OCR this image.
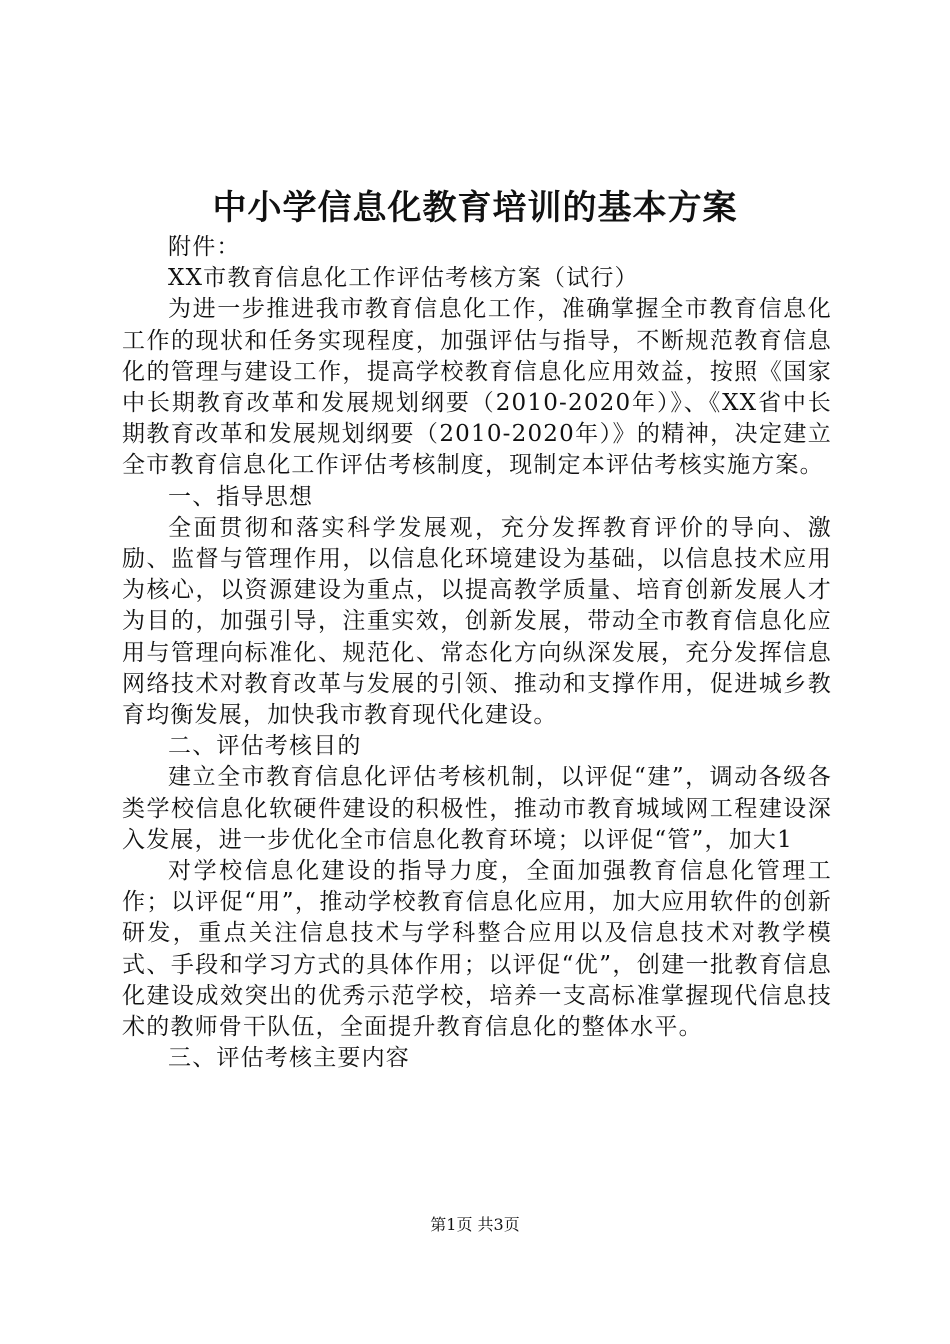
中小学信息化教育培训的基本方案

附件：

XX市教育信息化工作评估考核方案（试行）

为进一步推进我市教育信息化工作，准确掌握全市教育信息化工作的现状和任务实现程度，加强评估与指导，不断规范教育信息化的管理与建设工作，提高学校教育信息化应用效益，按照《国家中长期教育改革和发展规划纲要（2010-2020年）》、《XX省中长期教育改革和发展规划纲要（2010-2020年）》的精神，决定建立全市教育信息化工作评估考核制度，现制定本评估考核实施方案。

一、指导思想

全面贯彻和落实科学发展观，充分发挥教育评价的导向、激励、监督与管理作用，以信息化环境建设为基础，以信息技术应用为核心，以资源建设为重点，以提高教学质量、培育创新发展人才为目的，加强引导，注重实效，创新发展，带动全市教育信息化应用与管理向标准化、规范化、常态化方向纵深发展，充分发挥信息网络技术对教育改革与发展的引领、推动和支撑作用，促进城乡教育均衡发展，加快我市教育现代化建设。

二、评估考核目的

建立全市教育信息化评估考核机制，以评促“建”，调动各级各类学校信息化软硬件建设的积极性，推动市教育城域网工程建设深入发展，进一步优化全市信息化教育环境；以评促“管”，加大1

对学校信息化建设的指导力度，全面加强教育信息化管理工作；以评促“用”，推动学校教育信息化应用，加大应用软件的创新研发，重点关注信息技术与学科整合应用以及信息技术对教学模式、手段和学习方式的具体作用；以评促“优”，创建一批教育信息化建设成效突出的优秀示范学校，培养一支高标准掌握现代信息技术的教师骨干队伍，全面提升教育信息化的整体水平。

三、评估考核主要内容

第1页 共3页
